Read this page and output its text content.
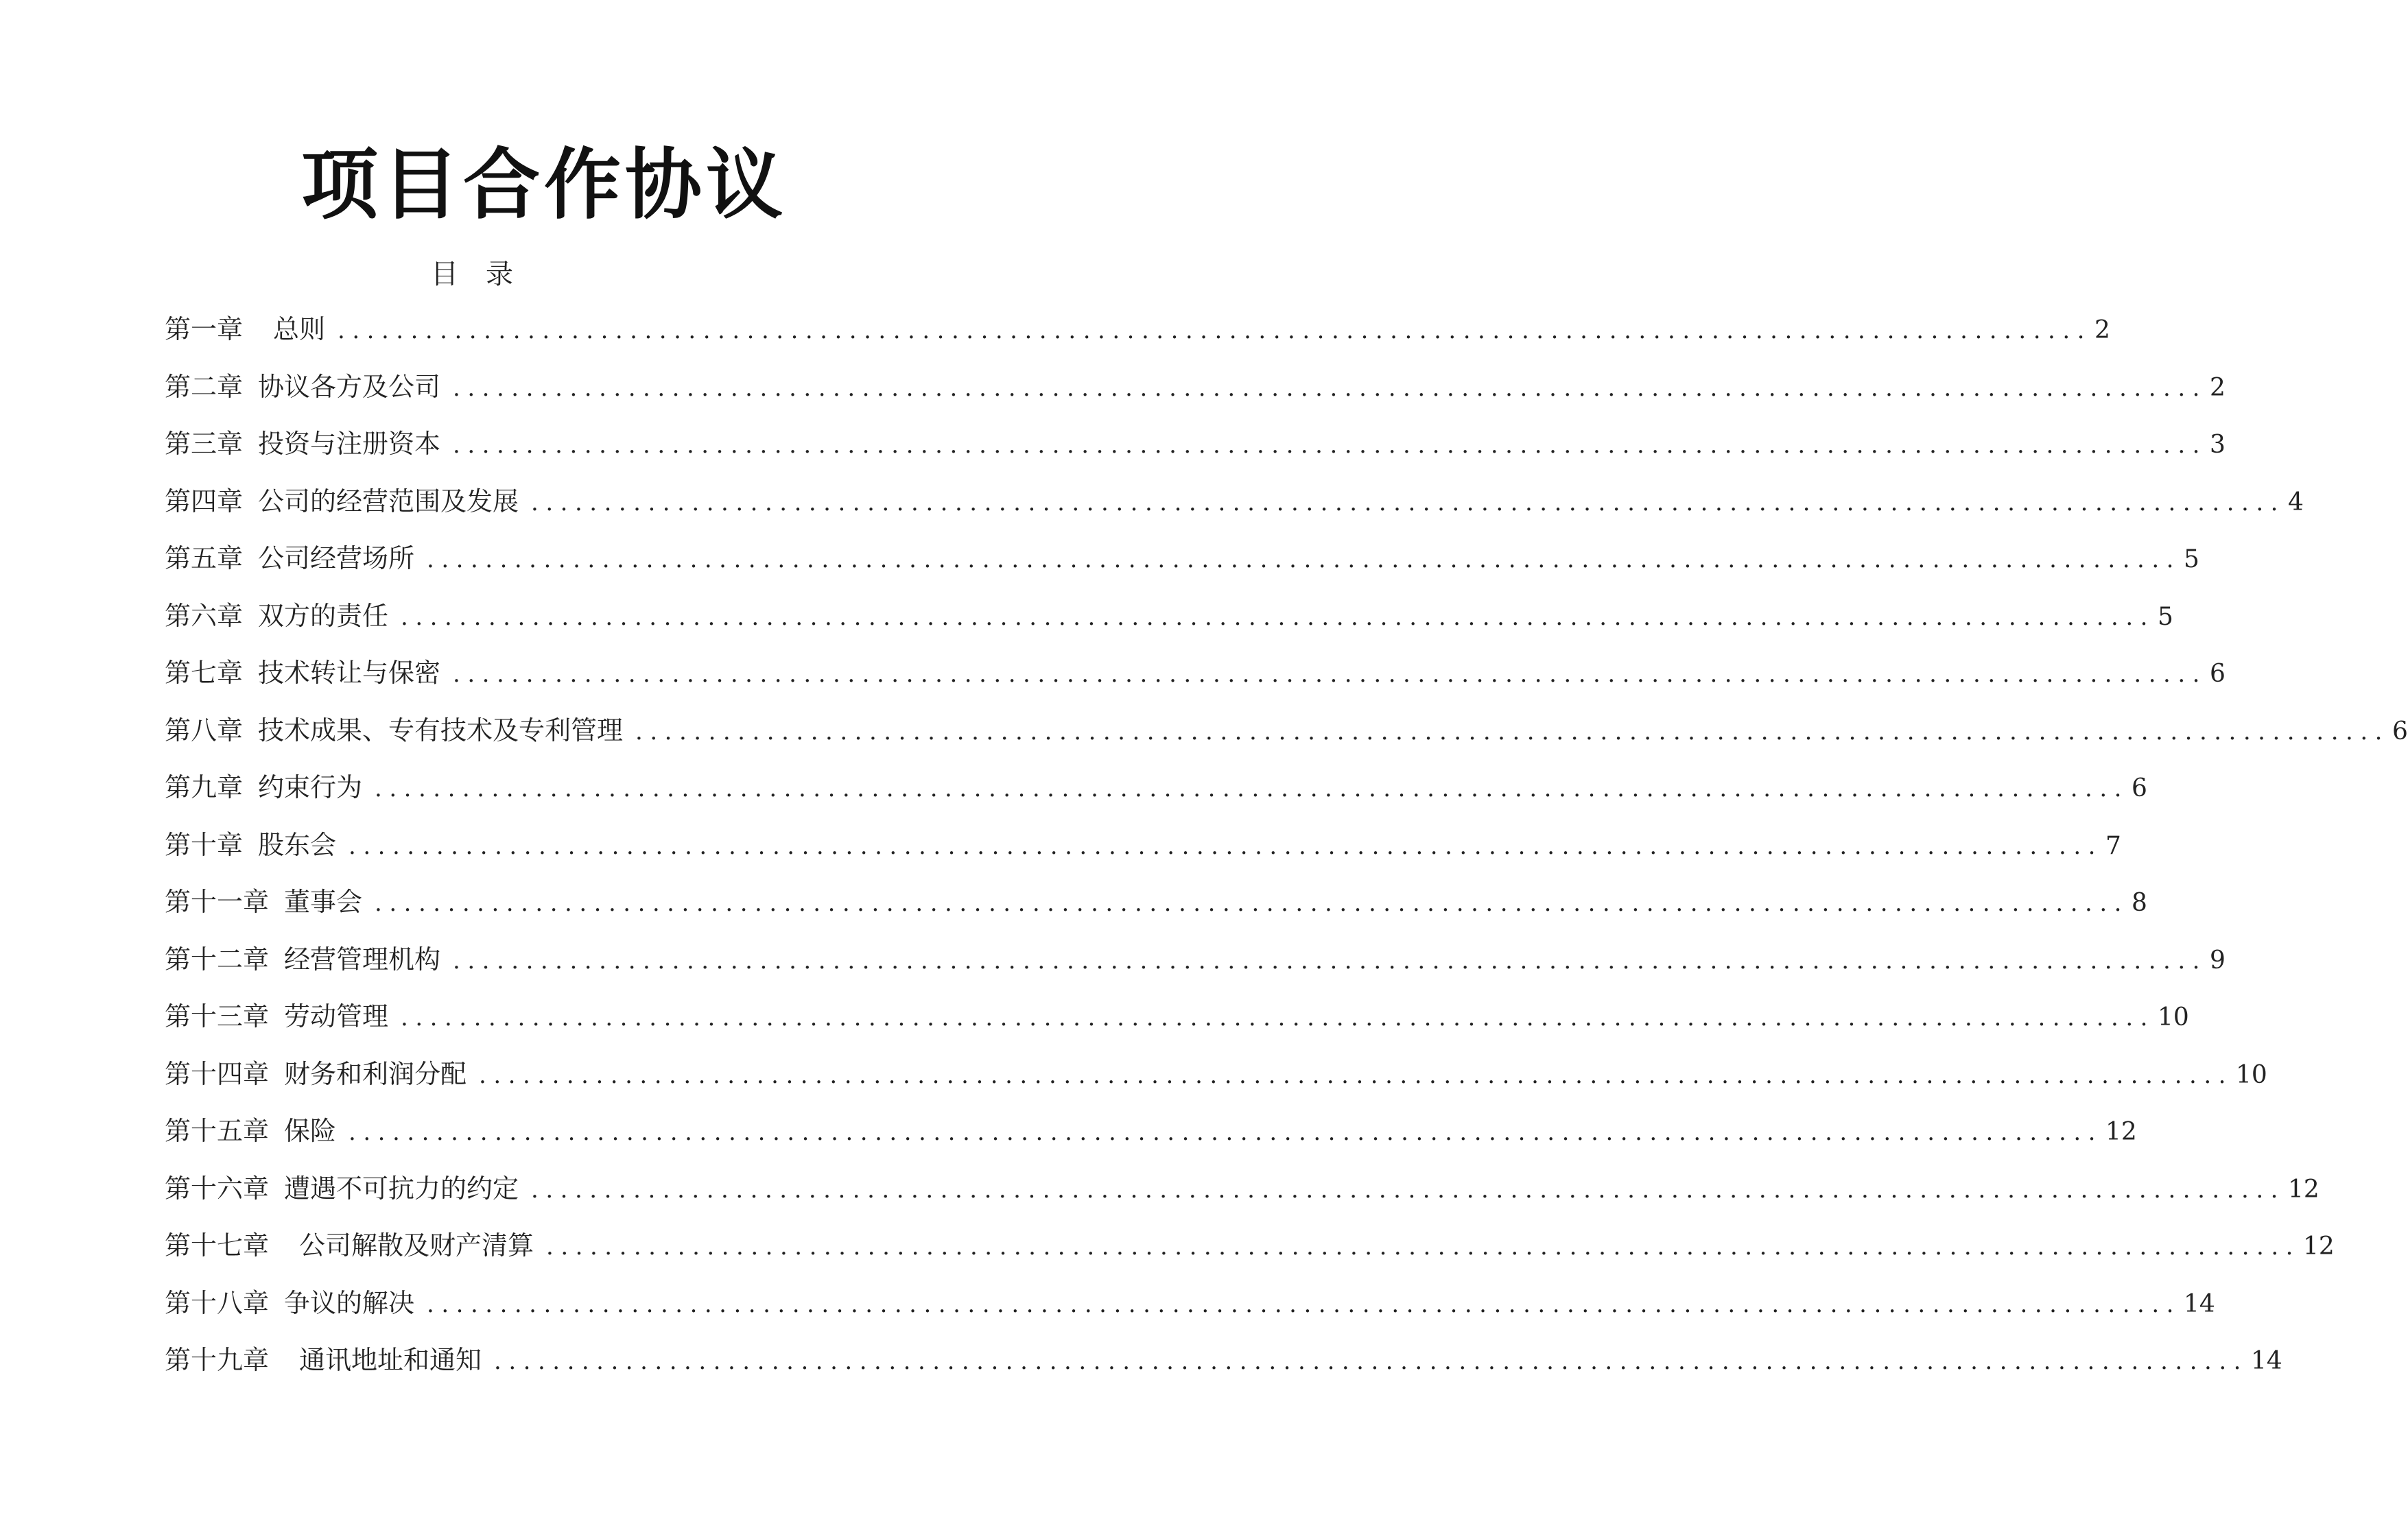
项目合作协议
目　录
第一章 总则 ........................................................................................................................ 2
第二章 协议各方及公司 ........................................................................................................................ 2
第三章 投资与注册资本 ........................................................................................................................ 3
第四章 公司的经营范围及发展 ........................................................................................................................ 4
第五章 公司经营场所 ........................................................................................................................ 5
第六章 双方的责任 ........................................................................................................................ 5
第七章 技术转让与保密 ........................................................................................................................ 6
第八章 技术成果、专有技术及专利管理 ........................................................................................................................ 6
第九章 约束行为 ........................................................................................................................ 6
第十章 股东会 ........................................................................................................................ 7
第十一章 董事会 ........................................................................................................................ 8
第十二章 经营管理机构 ........................................................................................................................ 9
第十三章 劳动管理 ........................................................................................................................ 10
第十四章 财务和利润分配 ........................................................................................................................ 10
第十五章 保险 ........................................................................................................................ 12
第十六章 遭遇不可抗力的约定 ........................................................................................................................ 12
第十七章 公司解散及财产清算 ........................................................................................................................ 12
第十八章 争议的解决 ........................................................................................................................ 14
第十九章 通讯地址和通知 ........................................................................................................................ 14
